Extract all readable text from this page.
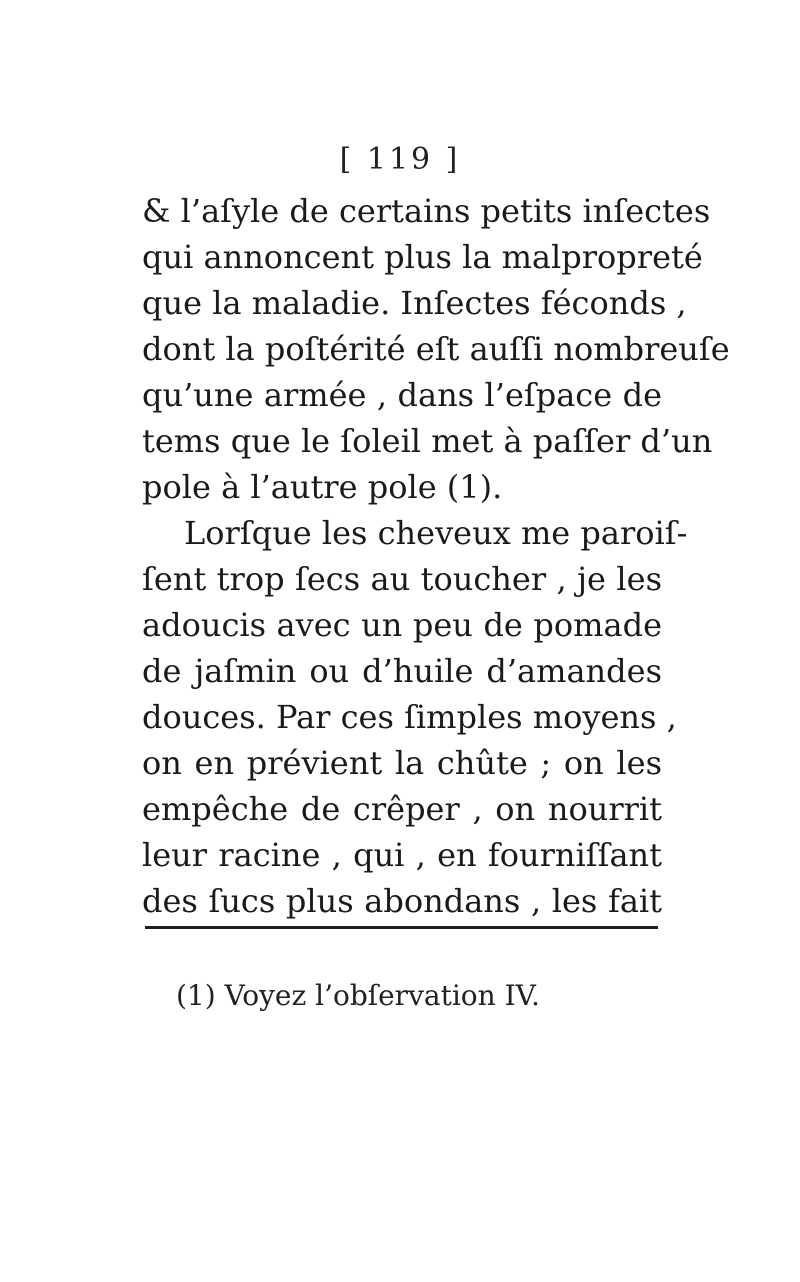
[ 119 ]
& l’aſyle de certains petits inſectes
qui annoncent plus la malpropreté
que la maladie. Inſectes féconds ,
dont la poſtérité eſt auſſi nombreuſe
qu’une armée , dans l’eſpace de
tems que le ſoleil met à paſſer d’un
pole à l’autre pole (1).
Lorſque les cheveux me paroiſ-
ſent trop ſecs au toucher , je les
adoucis avec un peu de pomade
de jaſmin ou d’huile d’amandes
douces. Par ces ſimples moyens ,
on en prévient la chûte ; on les
empêche de crêper , on nourrit
leur racine , qui , en fourniſſant
des ſucs plus abondans , les fait
(1) Voyez l’obſervation IV.
